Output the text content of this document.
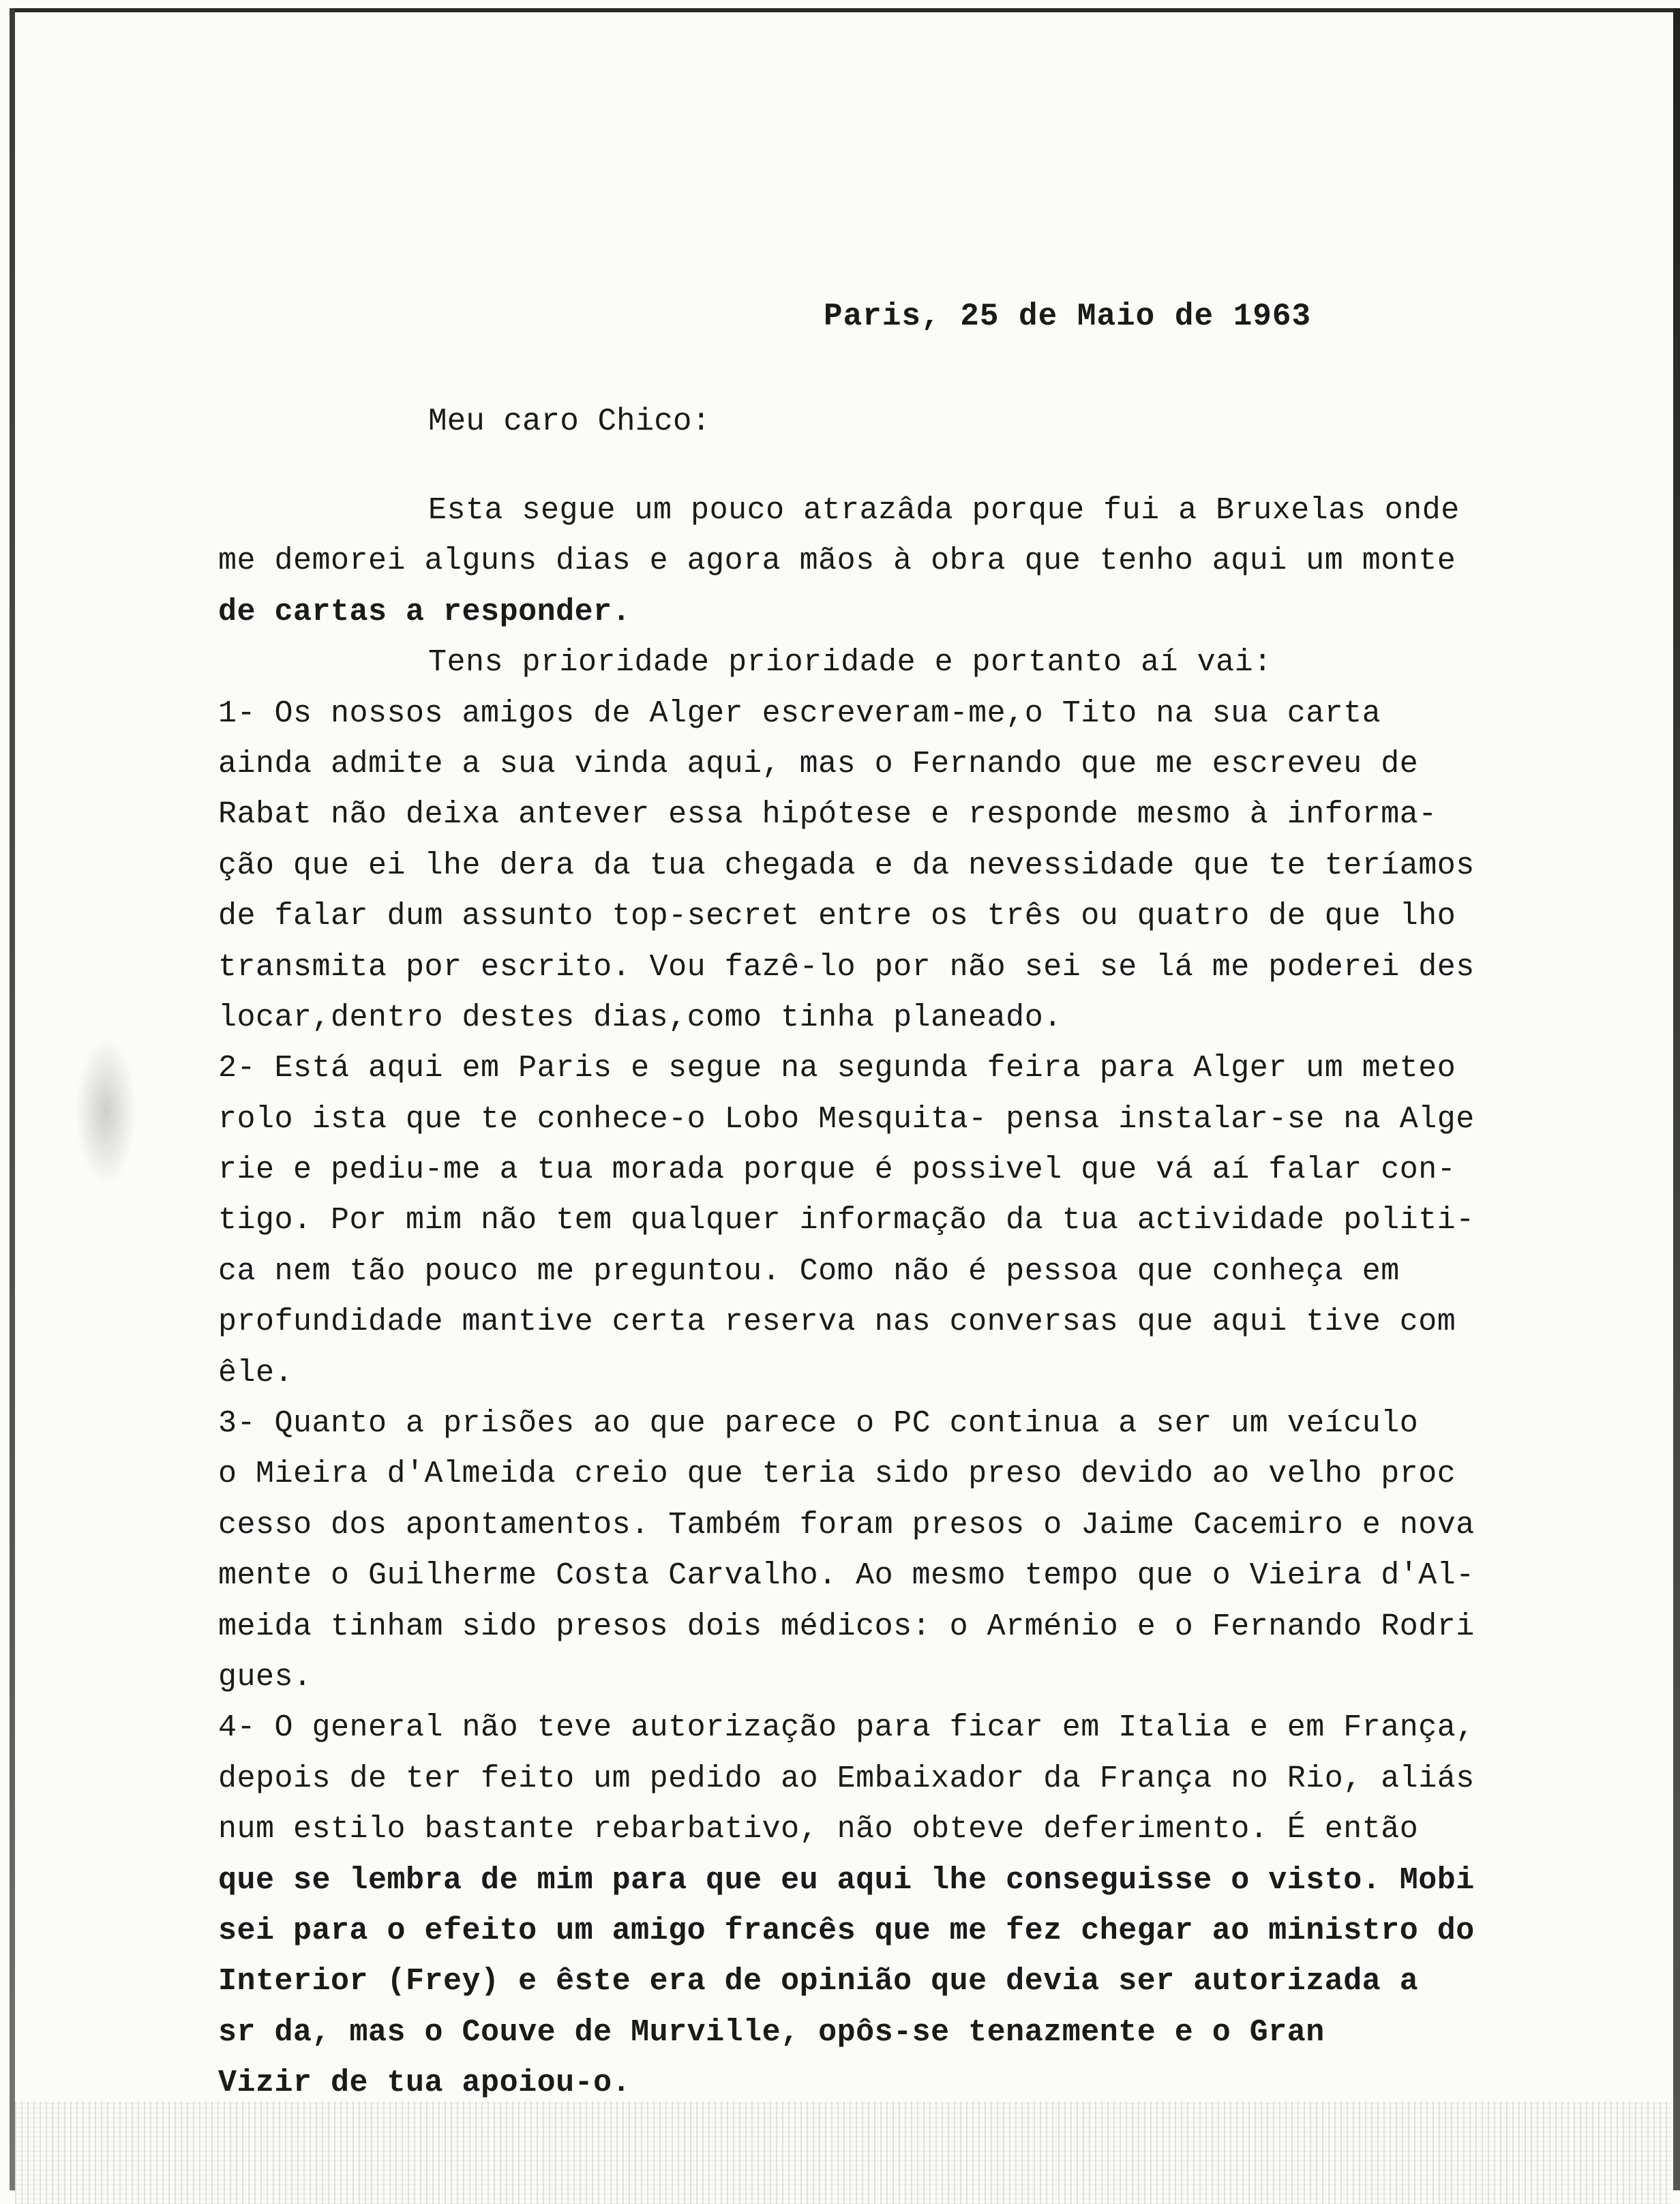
Paris, 25 de Maio de 1963
Meu caro Chico:
Esta segue um pouco atrazâda porque fui a Bruxelas onde
me demorei alguns dias e agora mãos à obra que tenho aqui um monte
de cartas a responder.
Tens prioridade prioridade e portanto aí vai:
1- Os nossos amigos de Alger escreveram-me,o Tito na sua carta
ainda admite a sua vinda aqui, mas o Fernando que me escreveu de
Rabat não deixa antever essa hipótese e responde mesmo à informa-
ção que ei lhe dera da tua chegada e da nevessidade que te teríamos
de falar dum assunto top-secret entre os três ou quatro de que lho
transmita por escrito. Vou fazê-lo por não sei se lá me poderei des
locar,dentro destes dias,como tinha planeado.
2- Está aqui em Paris e segue na segunda feira para Alger um meteo
rolo ista que te conhece-o Lobo Mesquita- pensa instalar-se na Alge
rie e pediu-me a tua morada porque é possivel que vá aí falar con-
tigo. Por mim não tem qualquer informação da tua actividade politi-
ca nem tão pouco me preguntou. Como não é pessoa que conheça em
profundidade mantive certa reserva nas conversas que aqui tive com
êle.
3- Quanto a prisões ao que parece o PC continua a ser um veículo
o Mieira d'Almeida creio que teria sido preso devido ao velho proc
cesso dos apontamentos. Também foram presos o Jaime Cacemiro e nova
mente o Guilherme Costa Carvalho. Ao mesmo tempo que o Vieira d'Al-
meida tinham sido presos dois médicos: o Arménio e o Fernando Rodri
gues.
4- O general não teve autorização para ficar em Italia e em França,
depois de ter feito um pedido ao Embaixador da França no Rio, aliás
num estilo bastante rebarbativo, não obteve deferimento. É então
que se lembra de mim para que eu aqui lhe conseguisse o visto. Mobi
sei para o efeito um amigo francês que me fez chegar ao ministro do
Interior (Frey) e êste era de opinião que devia ser autorizada a
sr da, mas o Couve de Murville, opôs-se tenazmente e o Gran
Vizir de tua apoiou-o.
